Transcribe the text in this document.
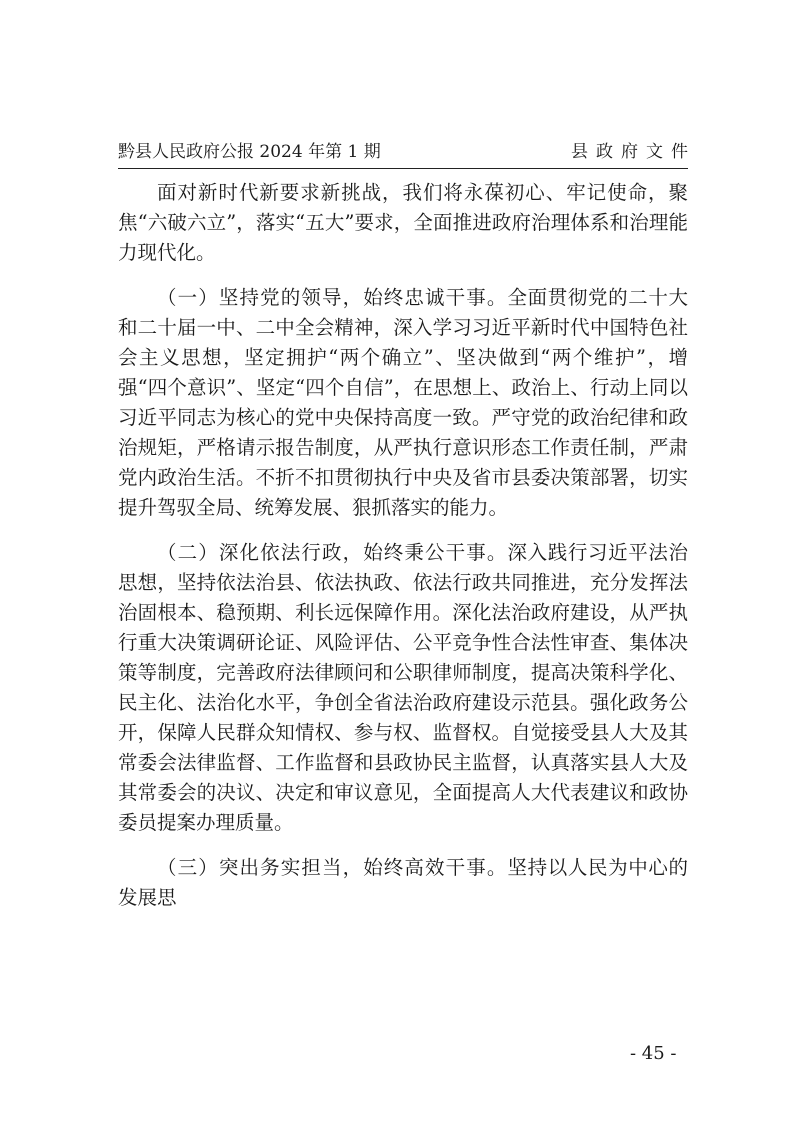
黔县人民政府公报 2024 年第 1 期	县政府文件

面对新时代新要求新挑战，我们将永葆初心、牢记使命，聚焦“六破六立”，落实“五大”要求，全面推进政府治理体系和治理能力现代化。

（一）坚持党的领导，始终忠诚干事。全面贯彻党的二十大和二十届一中、二中全会精神，深入学习习近平新时代中国特色社会主义思想，坚定拥护“两个确立”、坚决做到“两个维护”，增强“四个意识”、坚定“四个自信”，在思想上、政治上、行动上同以习近平同志为核心的党中央保持高度一致。严守党的政治纪律和政治规矩，严格请示报告制度，从严执行意识形态工作责任制，严肃党内政治生活。不折不扣贯彻执行中央及省市县委决策部署，切实提升驾驭全局、统筹发展、狠抓落实的能力。

（二）深化依法行政，始终秉公干事。深入践行习近平法治思想，坚持依法治县、依法执政、依法行政共同推进，充分发挥法治固根本、稳预期、利长远保障作用。深化法治政府建设，从严执行重大决策调研论证、风险评估、公平竞争性合法性审查、集体决策等制度，完善政府法律顾问和公职律师制度，提高决策科学化、民主化、法治化水平，争创全省法治政府建设示范县。强化政务公开，保障人民群众知情权、参与权、监督权。自觉接受县人大及其常委会法律监督、工作监督和县政协民主监督，认真落实县人大及其常委会的决议、决定和审议意见，全面提高人大代表建议和政协委员提案办理质量。

（三）突出务实担当，始终高效干事。坚持以人民为中心的发展思

- 45 -
